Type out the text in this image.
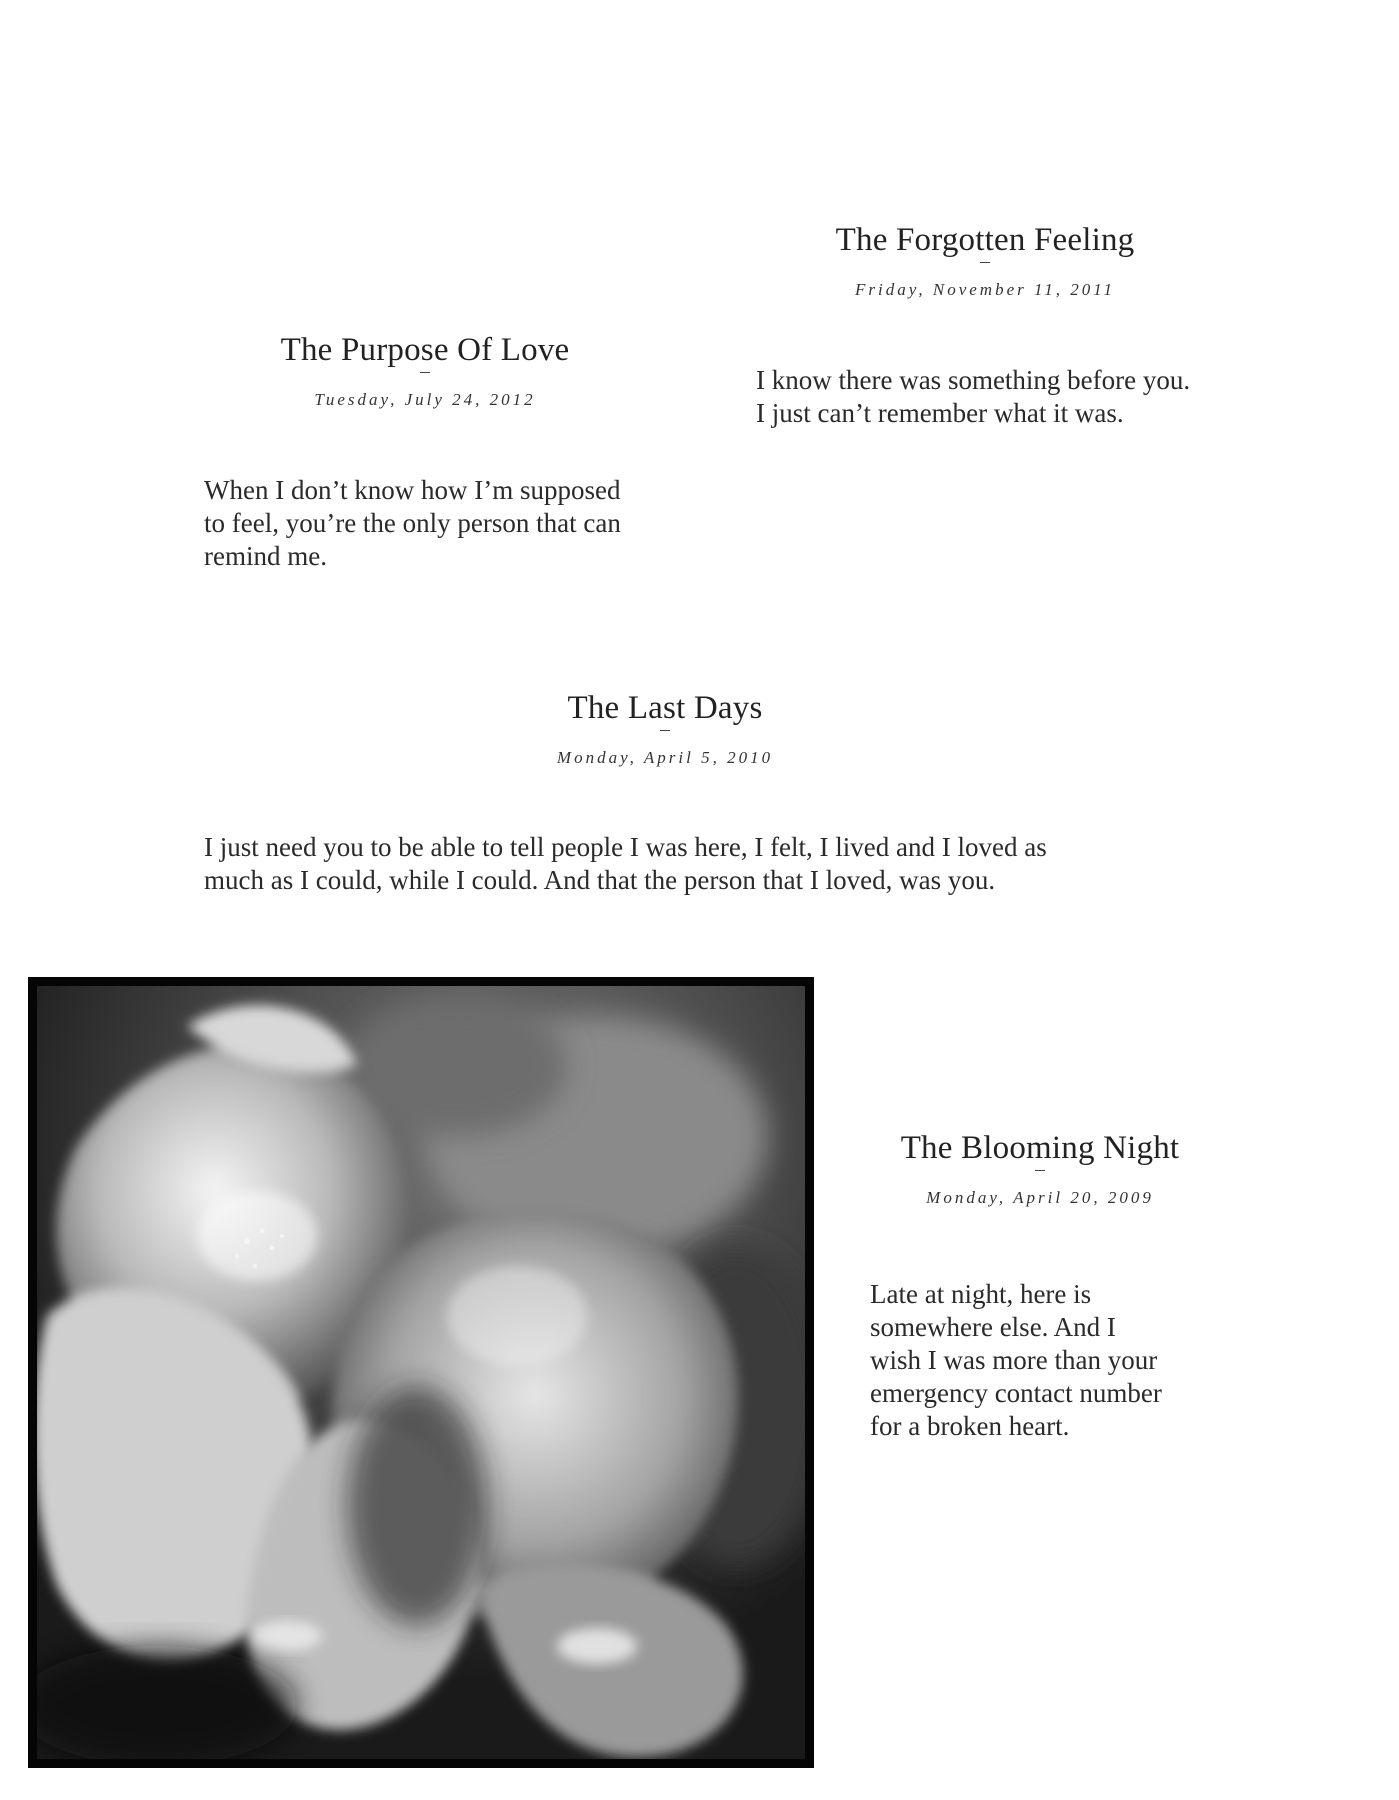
The Purpose Of Love
Tuesday, July 24, 2012

When I don’t know how I’m supposed
to feel, you’re the only person that can
remind me.

The Forgotten Feeling
Friday, November 11, 2011

I know there was something before you.
I just can’t remember what it was.

The Last Days
Monday, April 5, 2010

I just need you to be able to tell people I was here, I felt, I lived and I loved as
much as I could, while I could. And that the person that I loved, was you.

The Blooming Night
Monday, April 20, 2009

Late at night, here is
somewhere else. And I
wish I was more than your
emergency contact number
for a broken heart.
